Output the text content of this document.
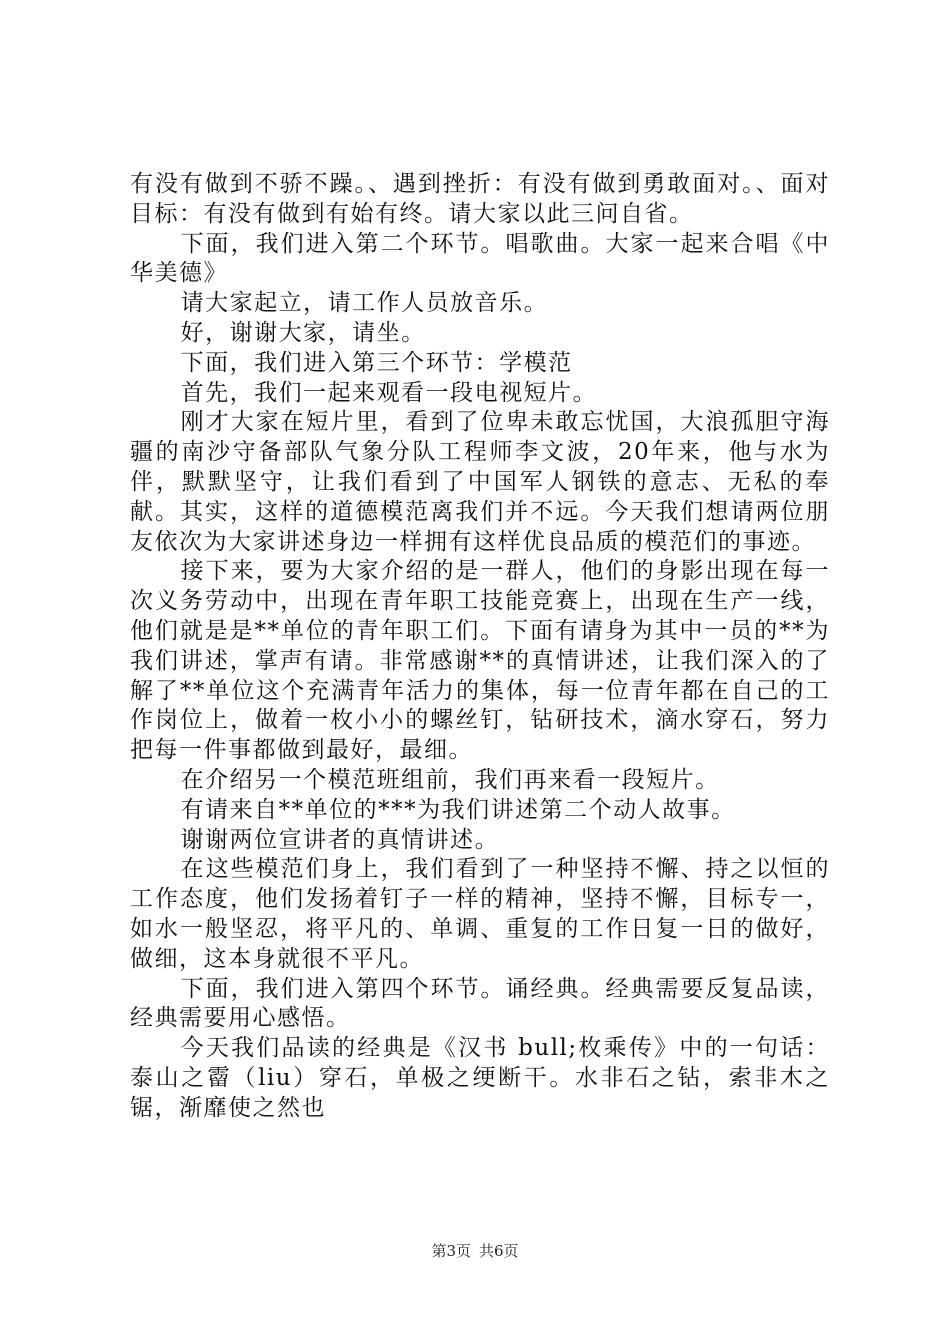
有没有做到不骄不躁。、遇到挫折：有没有做到勇敢面对。、面对目标：有没有做到有始有终。请大家以此三问自省。

下面，我们进入第二个环节。唱歌曲。大家一起来合唱《中华美德》

请大家起立，请工作人员放音乐。

好，谢谢大家，请坐。

下面，我们进入第三个环节：学模范

首先，我们一起来观看一段电视短片。

刚才大家在短片里，看到了位卑未敢忘忧国，大浪孤胆守海疆的南沙守备部队气象分队工程师李文波，20年来，他与水为伴，默默坚守，让我们看到了中国军人钢铁的意志、无私的奉献。其实，这样的道德模范离我们并不远。今天我们想请两位朋友依次为大家讲述身边一样拥有这样优良品质的模范们的事迹。

接下来，要为大家介绍的是一群人，他们的身影出现在每一次义务劳动中，出现在青年职工技能竞赛上，出现在生产一线，他们就是是**单位的青年职工们。下面有请身为其中一员的**为我们讲述，掌声有请。非常感谢**的真情讲述，让我们深入的了解了**单位这个充满青年活力的集体，每一位青年都在自己的工作岗位上，做着一枚小小的螺丝钉，钻研技术，滴水穿石，努力把每一件事都做到最好，最细。

在介绍另一个模范班组前，我们再来看一段短片。

有请来自**单位的***为我们讲述第二个动人故事。

谢谢两位宣讲者的真情讲述。

在这些模范们身上，我们看到了一种坚持不懈、持之以恒的工作态度，他们发扬着钉子一样的精神，坚持不懈，目标专一，如水一般坚忍，将平凡的、单调、重复的工作日复一日的做好，做细，这本身就很不平凡。

下面，我们进入第四个环节。诵经典。经典需要反复品读，经典需要用心感悟。

今天我们品读的经典是《汉书 bull;枚乘传》中的一句话：泰山之霤（liu）穿石，单极之绠断干。水非石之钻，索非木之锯，渐靡使之然也

第3页 共6页
